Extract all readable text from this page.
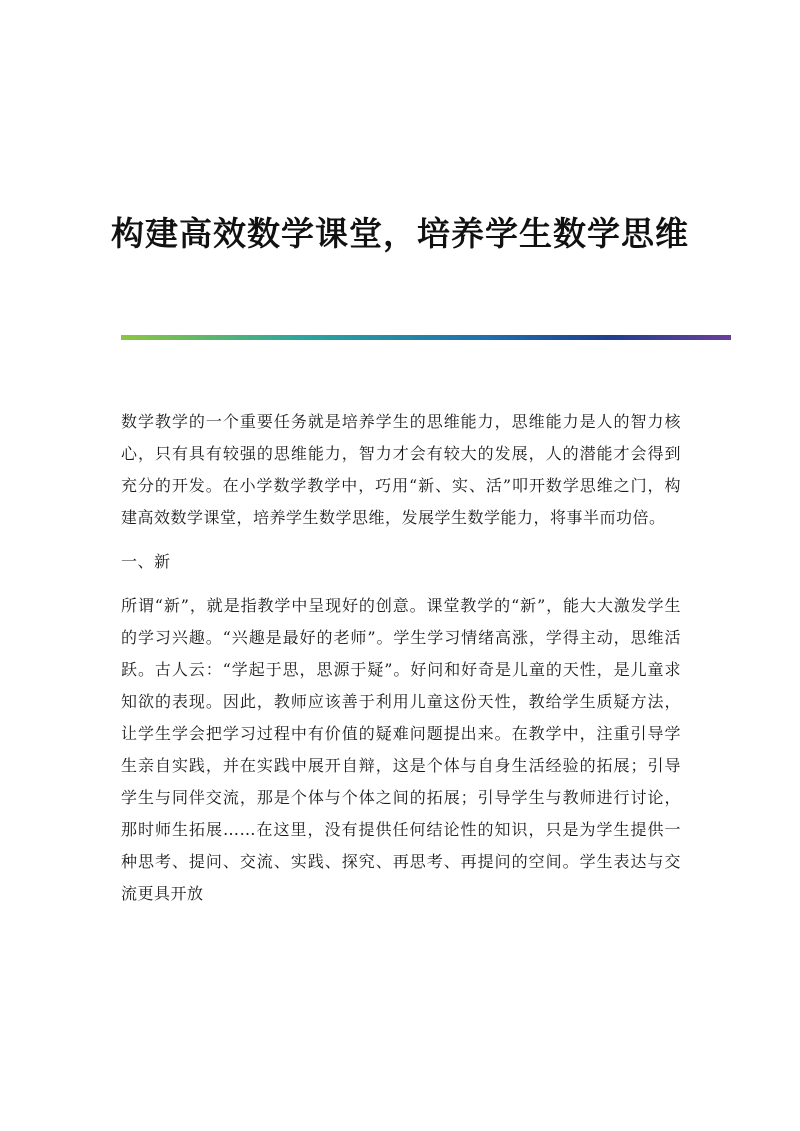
构建高效数学课堂，培养学生数学思维

数学教学的一个重要任务就是培养学生的思维能力，思维能力是人的智力核心，只有具有较强的思维能力，智力才会有较大的发展，人的潜能才会得到充分的开发。在小学数学教学中，巧用“新、实、活”叩开数学思维之门，构建高效数学课堂，培养学生数学思维，发展学生数学能力，将事半而功倍。

一、新

所谓“新”，就是指教学中呈现好的创意。课堂教学的“新”，能大大激发学生的学习兴趣。“兴趣是最好的老师”。学生学习情绪高涨，学得主动，思维活跃。古人云：“学起于思，思源于疑”。好问和好奇是儿童的天性，是儿童求知欲的表现。因此，教师应该善于利用儿童这份天性，教给学生质疑方法，让学生学会把学习过程中有价值的疑难问题提出来。在教学中，注重引导学生亲自实践，并在实践中展开自辩，这是个体与自身生活经验的拓展；引导学生与同伴交流，那是个体与个体之间的拓展；引导学生与教师进行讨论，那时师生拓展……在这里，没有提供任何结论性的知识，只是为学生提供一种思考、提问、交流、实践、探究、再思考、再提问的空间。学生表达与交流更具开放
